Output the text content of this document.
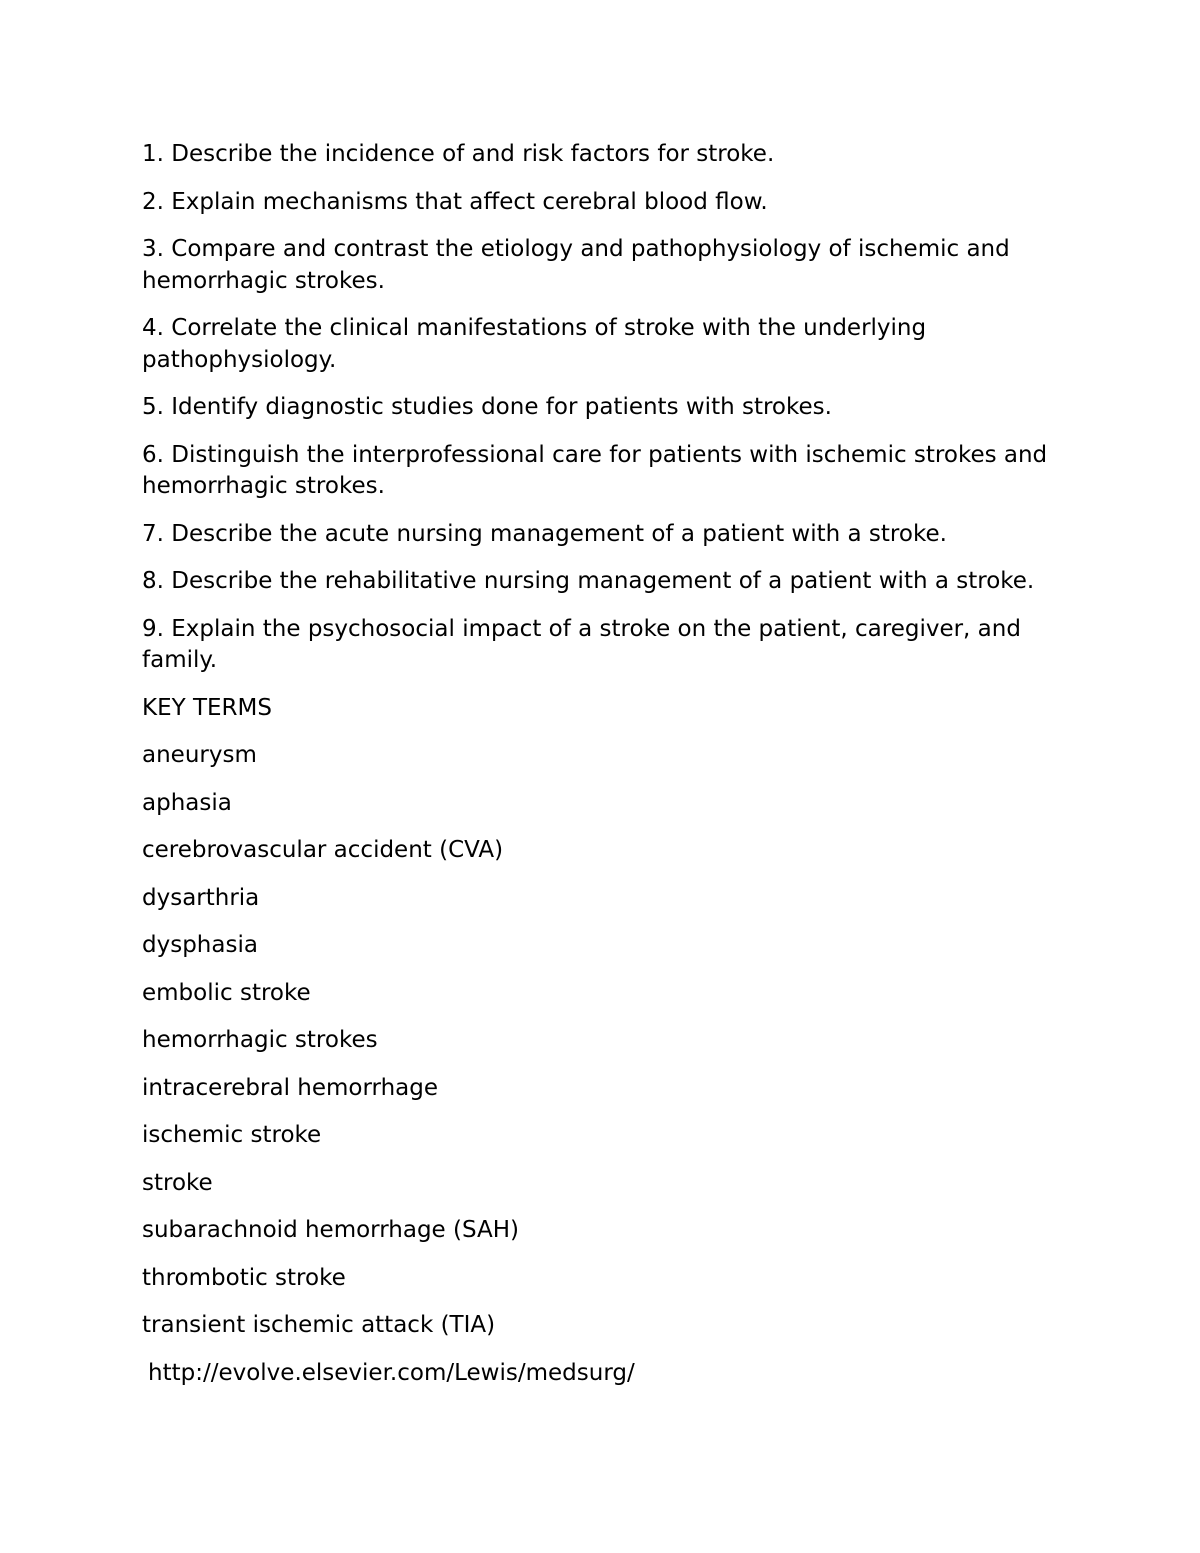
1. Describe the incidence of and risk factors for stroke.
2. Explain mechanisms that affect cerebral blood flow.
3. Compare and contrast the etiology and pathophysiology of ischemic and hemorrhagic strokes.
4. Correlate the clinical manifestations of stroke with the underlying pathophysiology.
5. Identify diagnostic studies done for patients with strokes.
6. Distinguish the interprofessional care for patients with ischemic strokes and hemorrhagic strokes.
7. Describe the acute nursing management of a patient with a stroke.
8. Describe the rehabilitative nursing management of a patient with a stroke.
9. Explain the psychosocial impact of a stroke on the patient, caregiver, and family.
KEY TERMS
aneurysm
aphasia
cerebrovascular accident (CVA)
dysarthria
dysphasia
embolic stroke
hemorrhagic strokes
intracerebral hemorrhage
ischemic stroke
stroke
subarachnoid hemorrhage (SAH)
thrombotic stroke
transient ischemic attack (TIA)
http://evolve.elsevier.com/Lewis/medsurg/
